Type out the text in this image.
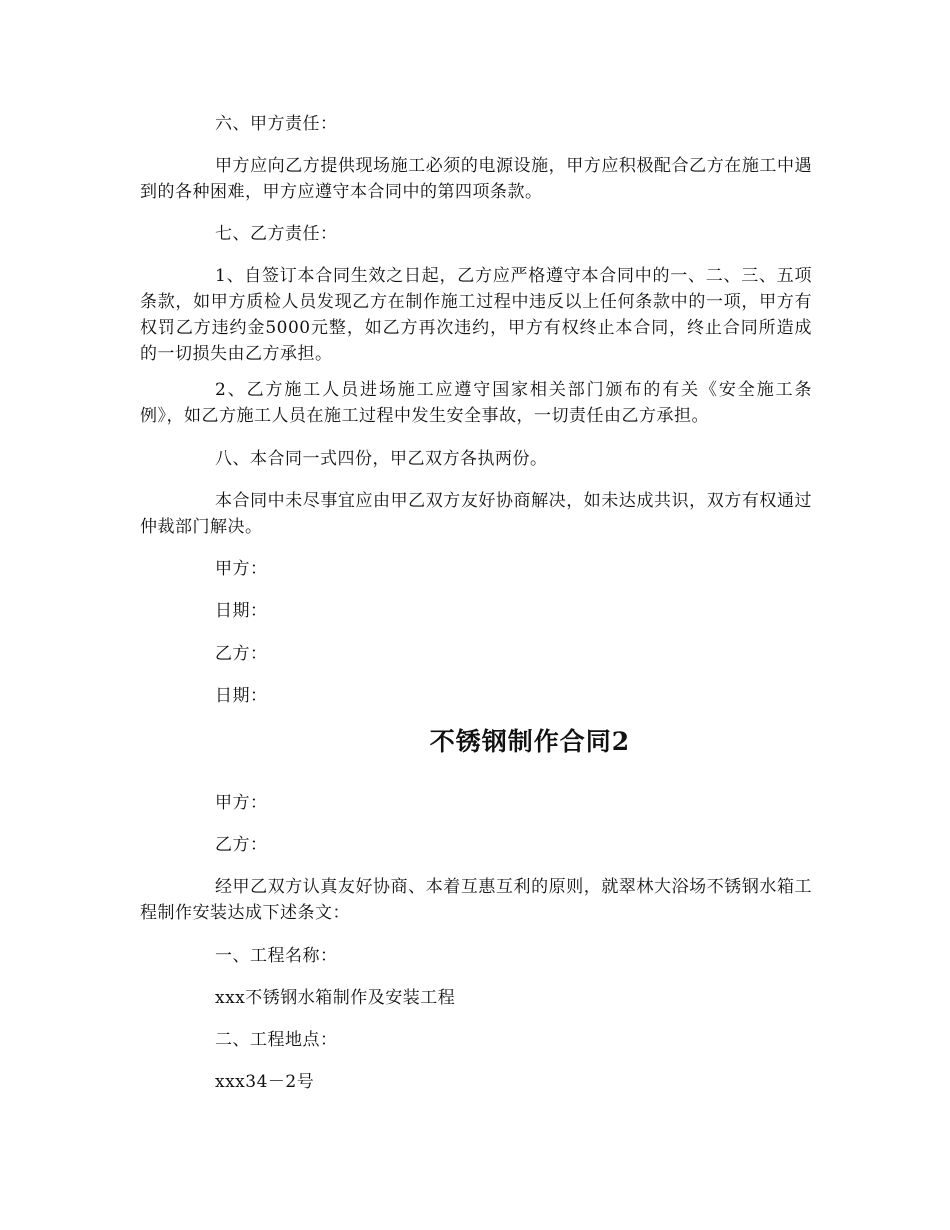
六、甲方责任：

甲方应向乙方提供现场施工必须的电源设施，甲方应积极配合乙方在施工中遇到的各种困难，甲方应遵守本合同中的第四项条款。

七、乙方责任：

1、自签订本合同生效之日起，乙方应严格遵守本合同中的一、二、三、五项条款，如甲方质检人员发现乙方在制作施工过程中违反以上任何条款中的一项，甲方有权罚乙方违约金5000元整，如乙方再次违约，甲方有权终止本合同，终止合同所造成的一切损失由乙方承担。

2、乙方施工人员进场施工应遵守国家相关部门颁布的有关《安全施工条例》，如乙方施工人员在施工过程中发生安全事故，一切责任由乙方承担。

八、本合同一式四份，甲乙双方各执两份。

本合同中未尽事宜应由甲乙双方友好协商解决，如未达成共识，双方有权通过仲裁部门解决。

甲方：

日期：

乙方：

日期：

不锈钢制作合同2

甲方：

乙方：

经甲乙双方认真友好协商、本着互惠互利的原则，就翠林大浴场不锈钢水箱工程制作安装达成下述条文：

一、工程名称：

xxx不锈钢水箱制作及安装工程

二、工程地点：

xxx34－2号
